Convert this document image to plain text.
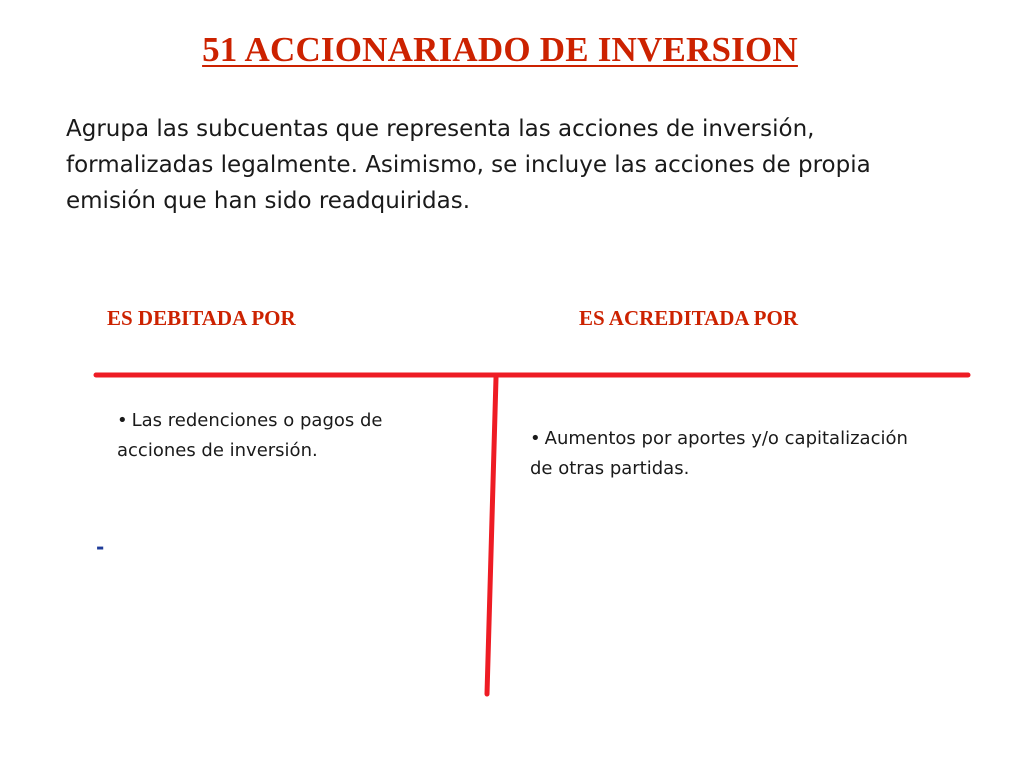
51 ACCIONARIADO DE INVERSION
Agrupa las subcuentas que representa las acciones de inversión, formalizadas legalmente. Asimismo, se incluye las acciones de propia emisión que han sido readquiridas.
ES DEBITADA POR	ES ACREDITADA POR
• Las redenciones o pagos de acciones de inversión.
• Aumentos por aportes y/o capitalización de otras partidas.
-
